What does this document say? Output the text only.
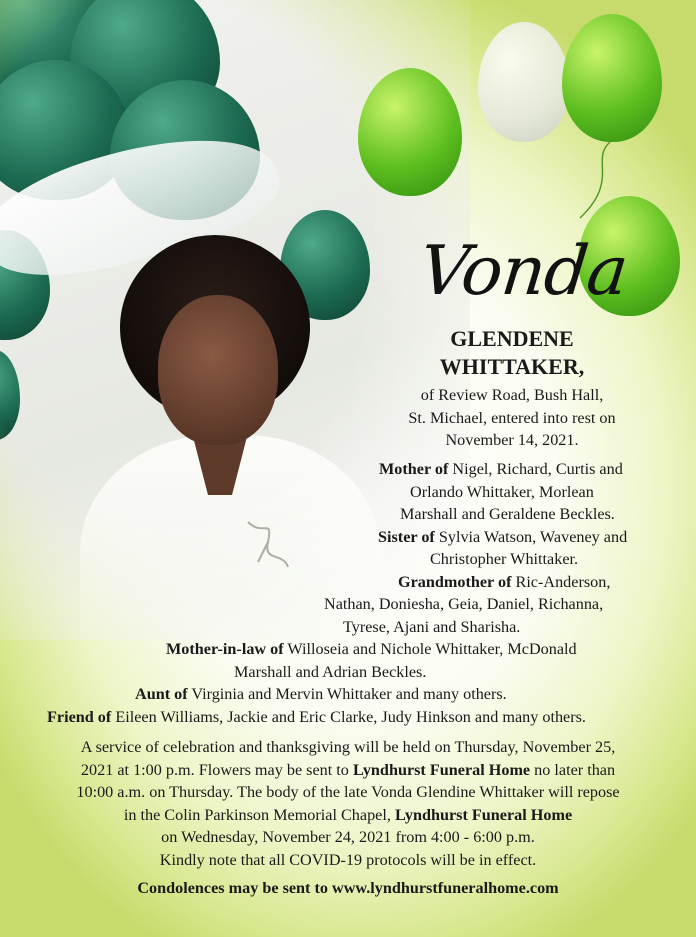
Vonda
GLENDENE
WHITTAKER,

of Review Road, Bush Hall,

St. Michael, entered into rest on

November 14, 2021.

Mother of Nigel, Richard, Curtis and

Orlando Whittaker, Morlean

Marshall and Geraldene Beckles.

Sister of Sylvia Watson, Waveney and

Christopher Whittaker.

Grandmother of Ric-Anderson,

Nathan, Doniesha, Geia, Daniel, Richanna,

Tyrese, Ajani and Sharisha.

Mother-in-law of Willoseia and Nichole Whittaker, McDonald

Marshall and Adrian Beckles.

Aunt of Virginia and Mervin Whittaker and many others.

Friend of Eileen Williams, Jackie and Eric Clarke, Judy Hinkson and many others.

A service of celebration and thanksgiving will be held on Thursday, November 25,

2021 at 1:00 p.m. Flowers may be sent to Lyndhurst Funeral Home no later than

10:00 a.m. on Thursday. The body of the late Vonda Glendine Whittaker will repose

in the Colin Parkinson Memorial Chapel, Lyndhurst Funeral Home

on Wednesday, November 24, 2021 from 4:00 - 6:00 p.m.

Kindly note that all COVID-19 protocols will be in effect.

Condolences may be sent to www.lyndhurstfuneralhome.com
